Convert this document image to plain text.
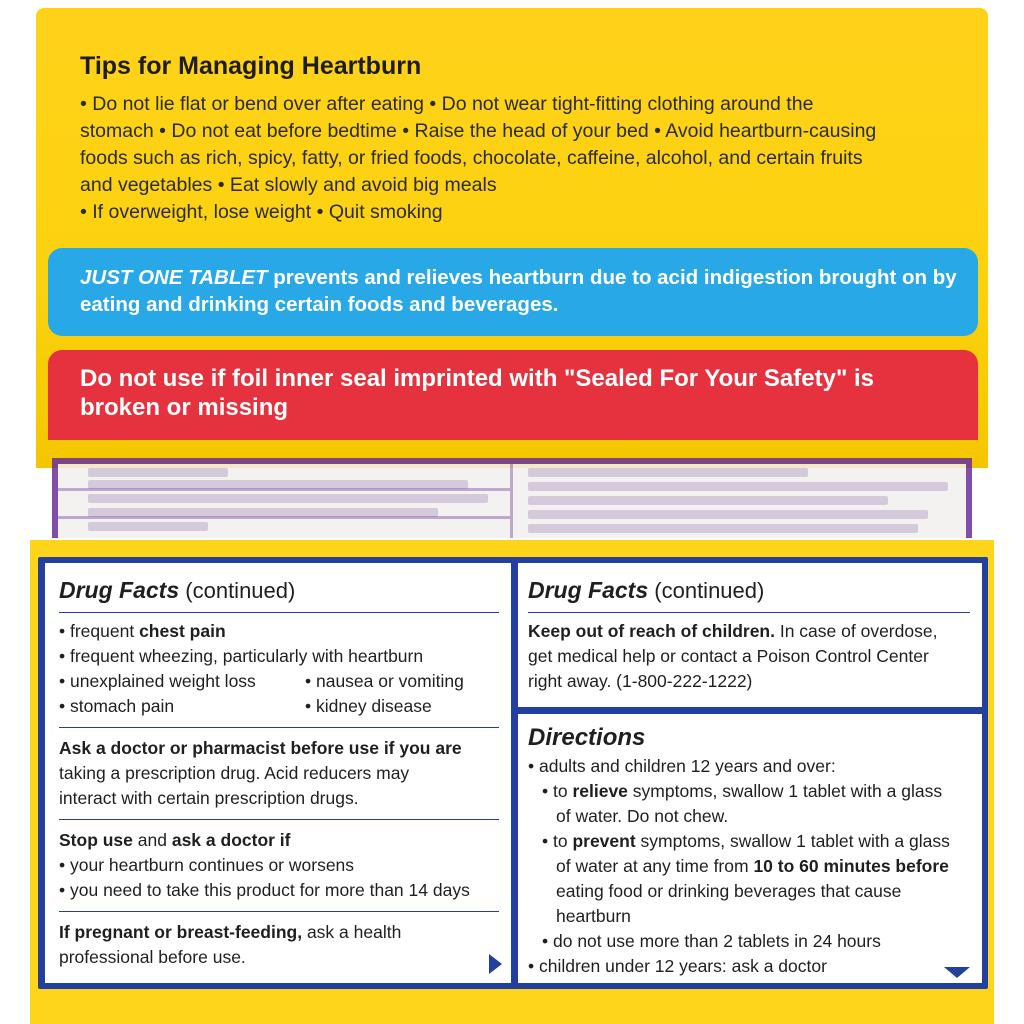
Tips for Managing Heartburn
• Do not lie flat or bend over after eating • Do not wear tight-fitting clothing around the
stomach • Do not eat before bedtime • Raise the head of your bed • Avoid heartburn-causing
foods such as rich, spicy, fatty, or fried foods, chocolate, caffeine, alcohol, and certain fruits
and vegetables • Eat slowly and avoid big meals
• If overweight, lose weight • Quit smoking
JUST ONE TABLET prevents and relieves heartburn due to acid indigestion brought on by eating and drinking certain foods and beverages.
Do not use if foil inner seal imprinted with "Sealed For Your Safety" is broken or missing

Drug Facts (continued)

• frequent chest pain

• frequent wheezing, particularly with heartburn

• unexplained weight loss	• nausea or vomiting
• stomach pain	• kidney disease

Ask a doctor or pharmacist before use if you are

taking a prescription drug. Acid reducers may

interact with certain prescription drugs.

Stop use and ask a doctor if

• your heartburn continues or worsens

• you need to take this product for more than 14 days

If pregnant or breast-feeding, ask a health

professional before use.

Drug Facts (continued)

Keep out of reach of children. In case of overdose,

get medical help or contact a Poison Control Center

right away. (1-800-222-1222)

Directions

• adults and children 12 years and over:

• to relieve symptoms, swallow 1 tablet with a glass

of water. Do not chew.

• to prevent symptoms, swallow 1 tablet with a glass

of water at any time from 10 to 60 minutes before

eating food or drinking beverages that cause

heartburn

• do not use more than 2 tablets in 24 hours

• children under 12 years: ask a doctor
